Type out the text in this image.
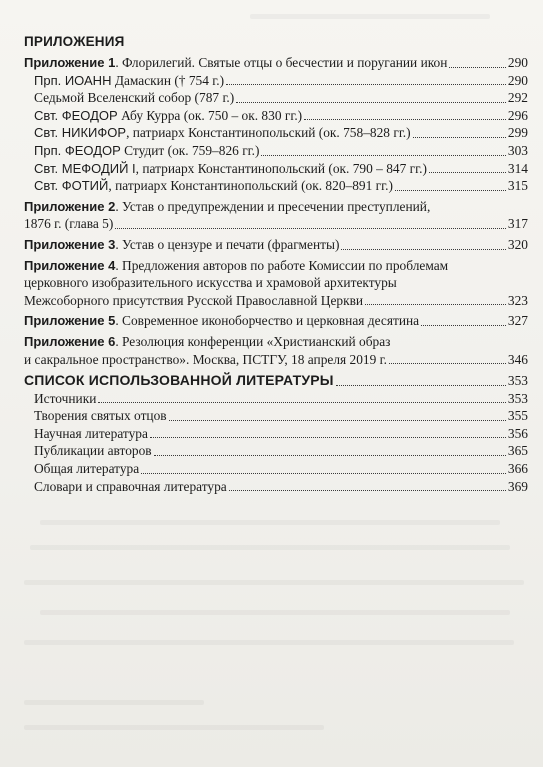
ПРИЛОЖЕНИЯ
Приложение 1. Флорилегий. Святые отцы о бесчестии и поругании икон	290
Прп. ИОАНН Дамаскин († 754 г.)	290
Седьмой Вселенский собор (787 г.)	292
Свт. ФЕОДОР Абу Курра (ок. 750 – ок. 830 гг.)	296
Свт. НИКИФОР, патриарх Константинопольский (ок. 758–828 гг.)	299
Прп. ФЕОДОР Студит (ок. 759–826 гг.)	303
Свт. МЕФОДИЙ I, патриарх Константинопольский (ок. 790 – 847 гг.)	314
Свт. ФОТИЙ, патриарх Константинопольский (ок. 820–891 гг.)	315
Приложение 2. Устав о предупреждении и пресечении преступлений,
1876 г. (глава 5)	317
Приложение 3. Устав о цензуре и печати (фрагменты)	320
Приложение 4. Предложения авторов по работе Комиссии по проблемам
церковного изобразительного искусства и храмовой архитектуры
Межсоборного присутствия Русской Православной Церкви	323
Приложение 5. Современное иконоборчество и церковная десятина	327
Приложение 6. Резолюция конференции «Христианский образ
и сакральное пространство». Москва, ПСТГУ, 18 апреля 2019 г.	346
СПИСОК ИСПОЛЬЗОВАННОЙ ЛИТЕРАТУРЫ	353
Источники	353
Творения святых отцов	355
Научная литература	356
Публикации авторов	365
Общая литература	366
Словари и справочная литература	369
